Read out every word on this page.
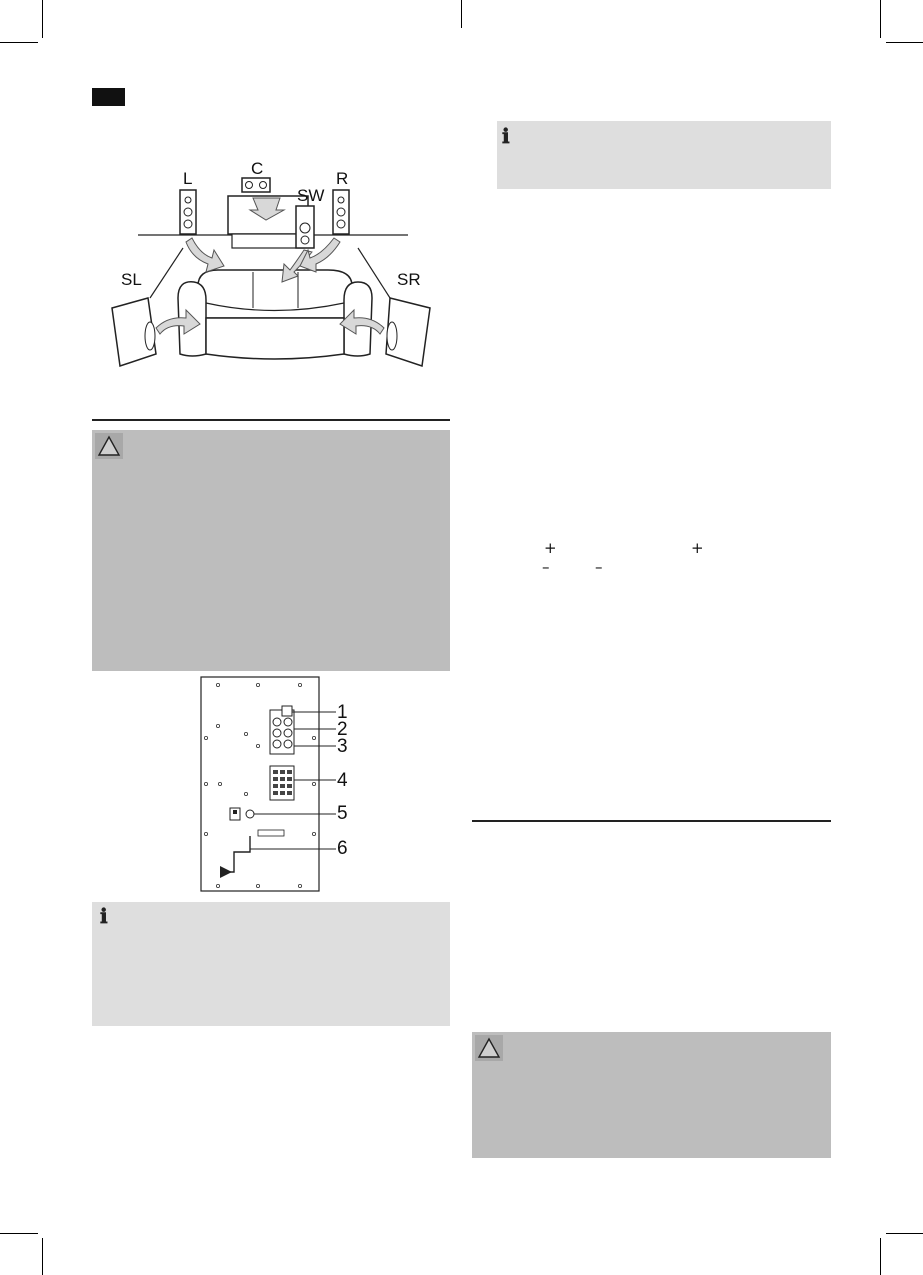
C
L
SW
R
SL	SR
1
2
3
4
5
6
ℹ
ℹ
+	+
–	–
